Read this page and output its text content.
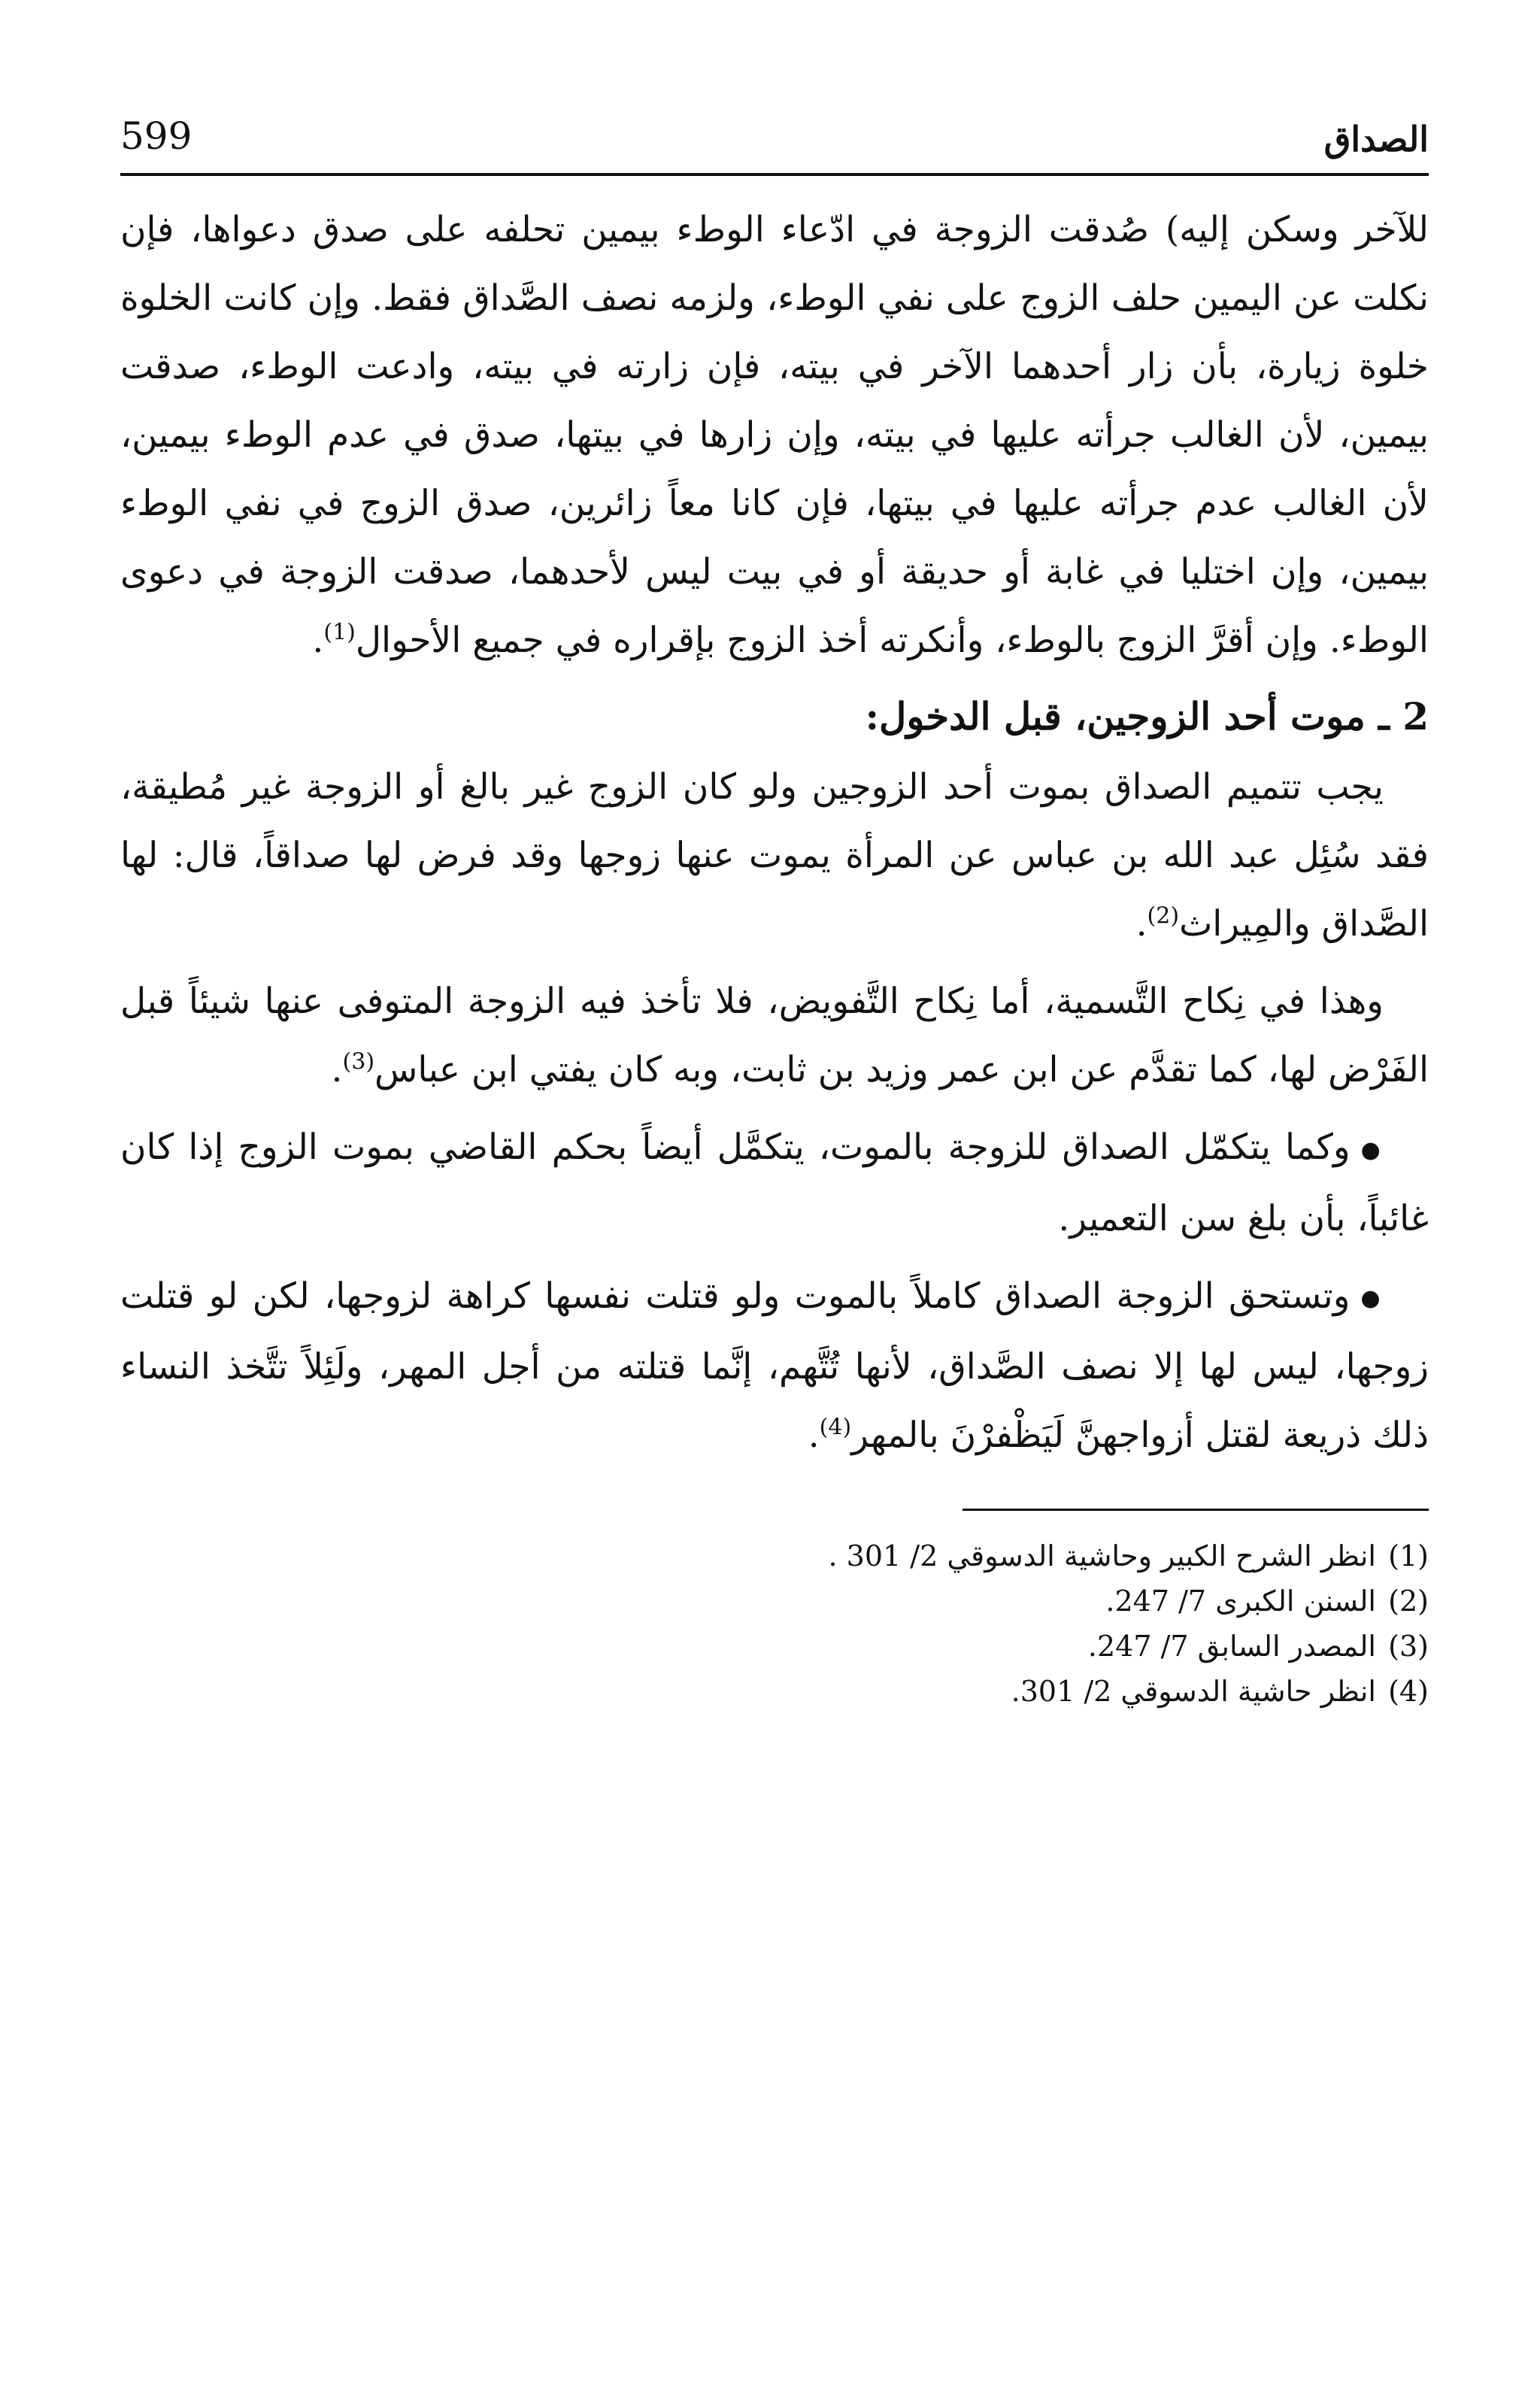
الصداق
599

للآخر وسكن إليه) صُدقت الزوجة في ادّعاء الوطء بيمين تحلفه على صدق دعواها، فإن نكلت عن اليمين حلف الزوج على نفي الوطء، ولزمه نصف الصَّداق فقط. وإن كانت الخلوة خلوة زيارة، بأن زار أحدهما الآخر في بيته، فإن زارته في بيته، وادعت الوطء، صدقت بيمين، لأن الغالب جرأته عليها في بيته، وإن زارها في بيتها، صدق في عدم الوطء بيمين، لأن الغالب عدم جرأته عليها في بيتها، فإن كانا معاً زائرين، صدق الزوج في نفي الوطء بيمين، وإن اختليا في غابة أو حديقة أو في بيت ليس لأحدهما، صدقت الزوجة في دعوى الوطء. وإن أقرَّ الزوج بالوطء، وأنكرته أخذ الزوج بإقراره في جميع الأحوال$^{(1)}$.

2 ـ موت أحد الزوجين، قبل الدخول:

يجب تتميم الصداق بموت أحد الزوجين ولو كان الزوج غير بالغ أو الزوجة غير مُطيقة، فقد سُئِل عبد الله بن عباس عن المرأة يموت عنها زوجها وقد فرض لها صداقاً، قال: لها الصَّداق والمِيراث$^{(2)}$.

وهذا في نِكاح التَّسمية، أما نِكاح التَّفويض، فلا تأخذ فيه الزوجة المتوفى عنها شيئاً قبل الفَرْض لها، كما تقدَّم عن ابن عمر وزيد بن ثابت، وبه كان يفتي ابن عباس$^{(3)}$.

●وكما يتكمّل الصداق للزوجة بالموت، يتكمَّل أيضاً بحكم القاضي بموت الزوج إذا كان غائباً، بأن بلغ سن التعمير.

●وتستحق الزوجة الصداق كاملاً بالموت ولو قتلت نفسها كراهة لزوجها، لكن لو قتلت زوجها، ليس لها إلا نصف الصَّداق، لأنها تُتَّهم، إنَّما قتلته من أجل المهر، ولَئِلاً تتَّخذ النساء ذلك ذريعة لقتل أزواجهنَّ لَيَظْفرْنَ بالمهر$^{(4)}$.

(1)انظر الشرح الكبير وحاشية الدسوقي 2/ 301 .
(2)السنن الكبرى 7/ 247.
(3)المصدر السابق 7/ 247.
(4)انظر حاشية الدسوقي 2/ 301.
